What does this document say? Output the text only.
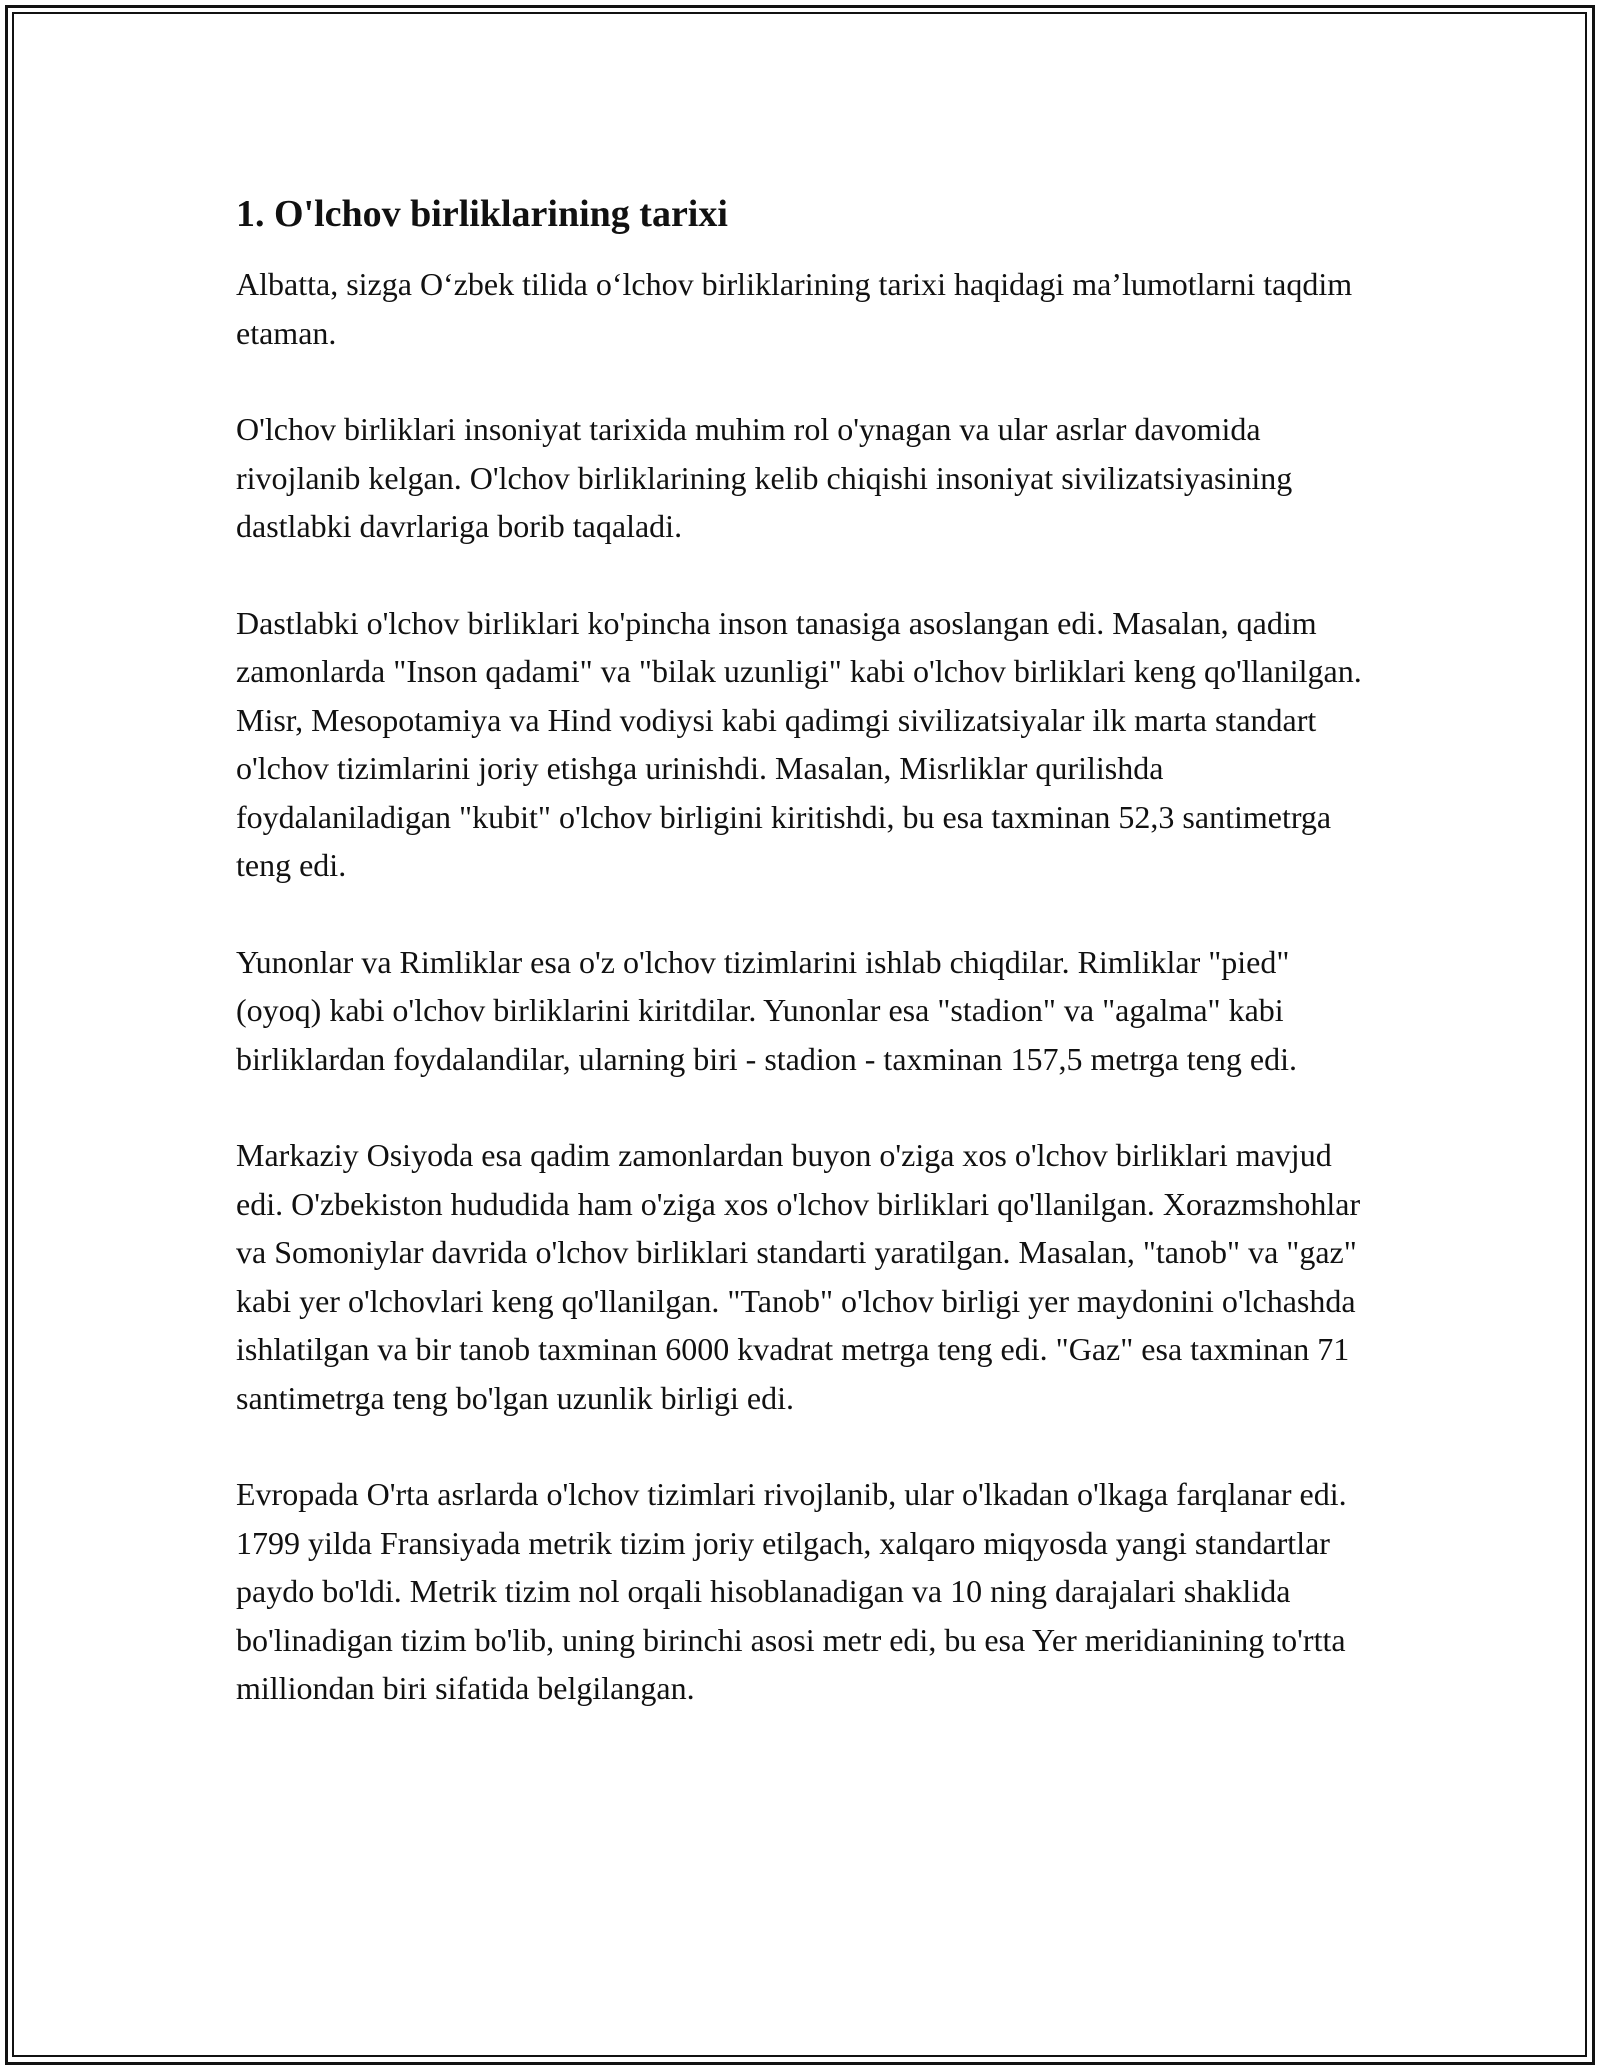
1. O'lchov birliklarining tarixi

Albatta, sizga O‘zbek tilida o‘lchov birliklarining tarixi haqidagi ma’lumotlarni taqdim etaman.

O'lchov birliklari insoniyat tarixida muhim rol o'ynagan va ular asrlar davomida rivojlanib kelgan. O'lchov birliklarining kelib chiqishi insoniyat sivilizatsiyasining dastlabki davrlariga borib taqaladi.

Dastlabki o'lchov birliklari ko'pincha inson tanasiga asoslangan edi. Masalan, qadim zamonlarda "Inson qadami" va "bilak uzunligi" kabi o'lchov birliklari keng qo'llanilgan. Misr, Mesopotamiya va Hind vodiysi kabi qadimgi sivilizatsiyalar ilk marta standart o'lchov tizimlarini joriy etishga urinishdi. Masalan, Misrliklar qurilishda foydalaniladigan "kubit" o'lchov birligini kiritishdi, bu esa taxminan 52,3 santimetrga teng edi.

Yunonlar va Rimliklar esa o'z o'lchov tizimlarini ishlab chiqdilar. Rimliklar "pied" (oyoq) kabi o'lchov birliklarini kiritdilar. Yunonlar esa "stadion" va "agalma" kabi birliklardan foydalandilar, ularning biri - stadion - taxminan 157,5 metrga teng edi.

Markaziy Osiyoda esa qadim zamonlardan buyon o'ziga xos o'lchov birliklari mavjud edi. O'zbekiston hududida ham o'ziga xos o'lchov birliklari qo'llanilgan. Xorazmshohlar va Somoniylar davrida o'lchov birliklari standarti yaratilgan. Masalan, "tanob" va "gaz" kabi yer o'lchovlari keng qo'llanilgan. "Tanob" o'lchov birligi yer maydonini o'lchashda ishlatilgan va bir tanob taxminan 6000 kvadrat metrga teng edi. "Gaz" esa taxminan 71 santimetrga teng bo'lgan uzunlik birligi edi.

Evropada O'rta asrlarda o'lchov tizimlari rivojlanib, ular o'lkadan o'lkaga farqlanar edi. 1799 yilda Fransiyada metrik tizim joriy etilgach, xalqaro miqyosda yangi standartlar paydo bo'ldi. Metrik tizim nol orqali hisoblanadigan va 10 ning darajalari shaklida bo'linadigan tizim bo'lib, uning birinchi asosi metr edi, bu esa Yer meridianining to'rtta milliondan biri sifatida belgilangan.
